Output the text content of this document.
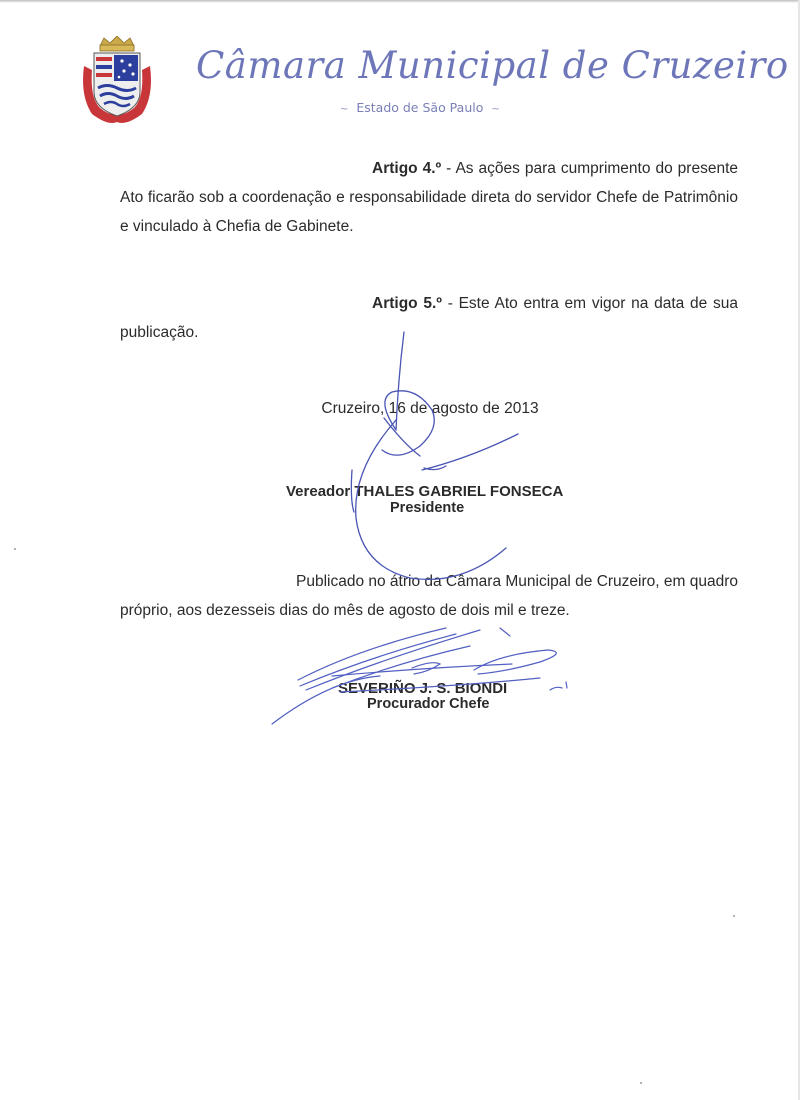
Câmara Municipal de Cruzeiro
~ Estado de São Paulo ~
Artigo 4.º - As ações para cumprimento do presente Ato ficarão sob a coordenação e responsabilidade direta do servidor Chefe de Patrimônio e vinculado à Chefia de Gabinete.
Artigo 5.º - Este Ato entra em vigor na data de sua publicação.
Cruzeiro, 16 de agosto de 2013
Vereador THALES GABRIEL FONSECA
Presidente
Publicado no átrio da Câmara Municipal de Cruzeiro, em quadro próprio, aos dezesseis dias do mês de agosto de dois mil e treze.
SEVERIÑO J. S. BIONDI
Procurador Chefe
